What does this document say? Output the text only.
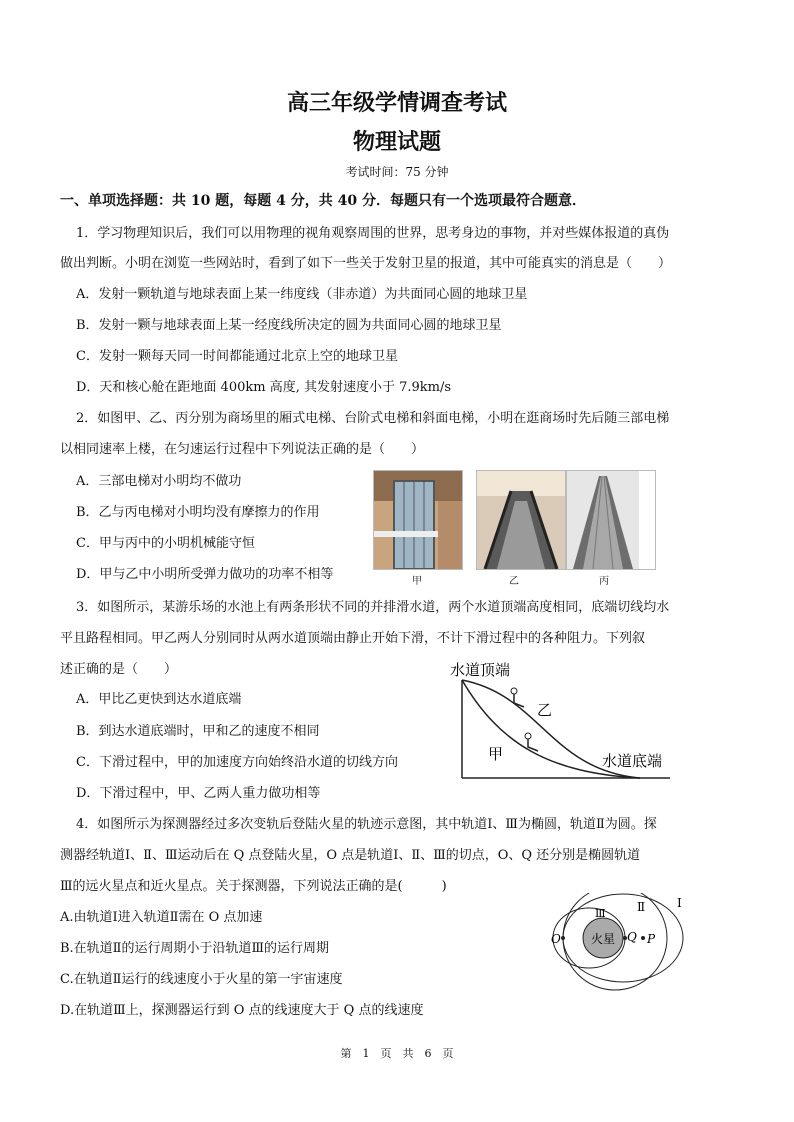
高三年级学情调查考试
物理试题
考试时间：75 分钟
一、单项选择题：共 10 题，每题 4 分，共 40 分．每题只有一个选项最符合题意．
1．学习物理知识后，我们可以用物理的视角观察周围的世界，思考身边的事物，并对些媒体报道的真伪
做出判断。小明在浏览一些网站时，看到了如下一些关于发射卫星的报道，其中可能真实的消息是（　　）
A．发射一颗轨道与地球表面上某一纬度线（非赤道）为共面同心圆的地球卫星
B．发射一颗与地球表面上某一经度线所决定的圆为共面同心圆的地球卫星
C．发射一颗每天同一时间都能通过北京上空的地球卫星
D．天和核心舱在距地面 400km 高度, 其发射速度小于 7.9km/s
2．如图甲、乙、丙分别为商场里的厢式电梯、台阶式电梯和斜面电梯，小明在逛商场时先后随三部电梯
以相同速率上楼，在匀速运行过程中下列说法正确的是（　　）
A．三部电梯对小明均不做功
B．乙与丙电梯对小明均没有摩擦力的作用
C．甲与丙中的小明机械能守恒
D．甲与乙中小明所受弹力做功的功率不相等	甲	乙	丙
3．如图所示，某游乐场的水池上有两条形状不同的并排滑水道，两个水道顶端高度相同，底端切线均水
平且路程相同。甲乙两人分别同时从两水道顶端由静止开始下滑，不计下滑过程中的各种阻力。下列叙
述正确的是（　　）
A．甲比乙更快到达水道底端
B．到达水道底端时，甲和乙的速度不相同
C．下滑过程中，甲的加速度方向始终沿水道的切线方向
D．下滑过程中，甲、乙两人重力做功相等
水道顶端
水道底端
甲
乙
4．如图所示为探测器经过多次变轨后登陆火星的轨迹示意图，其中轨道Ⅰ、Ⅲ为椭圆，轨道Ⅱ为圆。探
测器经轨道Ⅰ、Ⅱ、Ⅲ运动后在 Q 点登陆火星，O 点是轨道Ⅰ、Ⅱ、Ⅲ的切点，O、Q 还分别是椭圆轨道
Ⅲ的远火星点和近火星点。关于探测器，下列说法正确的是(　　　)
A.由轨道Ⅰ进入轨道Ⅱ需在 O 点加速
B.在轨道Ⅱ的运行周期小于沿轨道Ⅲ的运行周期
C.在轨道Ⅱ运行的线速度小于火星的第一宇宙速度
D.在轨道Ⅲ上，探测器运行到 O 点的线速度大于 Q 点的线速度
火星
O	Q P
Ⅰ
Ⅱ
Ⅲ
第　1　页　共　6　页
